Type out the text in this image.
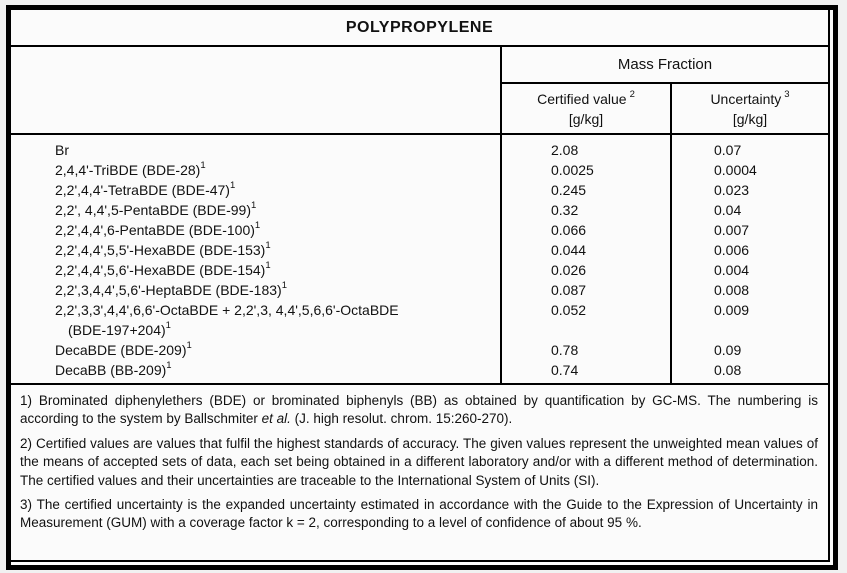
POLYPROPYLENE
Mass Fraction
Certified value $^2$
[g/kg]
Uncertainty $^3$
[g/kg]
Br
2,4,4'-TriBDE $(BDE-28)^1$
2,2',4,4'-TetraBDE $(BDE-47)^1$
2,2', 4,4',5-PentaBDE $(BDE-99)^1$
2,2',4,4',6-PentaBDE $(BDE-100)^1$
2,2',4,4',5,5'-HexaBDE $(BDE-153)^1$
2,2',4,4',5,6'-HexaBDE $(BDE-154)^1$
2,2',3,4,4',5,6'-HeptaBDE $(BDE-183)^1$
2,2',3,3',4,4',6,6'-OctaBDE + 2,2',3, 4,4',5,6,6'-OctaBDE
$(BDE-197+204)^1$
DecaBDE $(BDE-209)^1$
DecaBB $(BB-209)^1$
2.08
0.0025
0.245
0.32
0.066
0.044
0.026
0.087
0.052
0.78
0.74
0.07
0.0004
0.023
0.04
0.007
0.006
0.004
0.008
0.009
0.09
0.08

1) Brominated diphenylethers (BDE) or brominated biphenyls (BB) as obtained by quantification by GC-MS. The numbering is according to the system by Ballschmiter et al. (J. high resolut. chrom. 15:260-270).

2) Certified values are values that fulfil the highest standards of accuracy. The given values represent the unweighted mean values of the means of accepted sets of data, each set being obtained in a different laboratory and/or with a different method of determination. The certified values and their uncertainties are traceable to the International System of Units (SI).

3) The certified uncertainty is the expanded uncertainty estimated in accordance with the Guide to the Expression of Uncertainty in Measurement (GUM) with a coverage factor k = 2, corresponding to a level of confidence of about 95 %.
